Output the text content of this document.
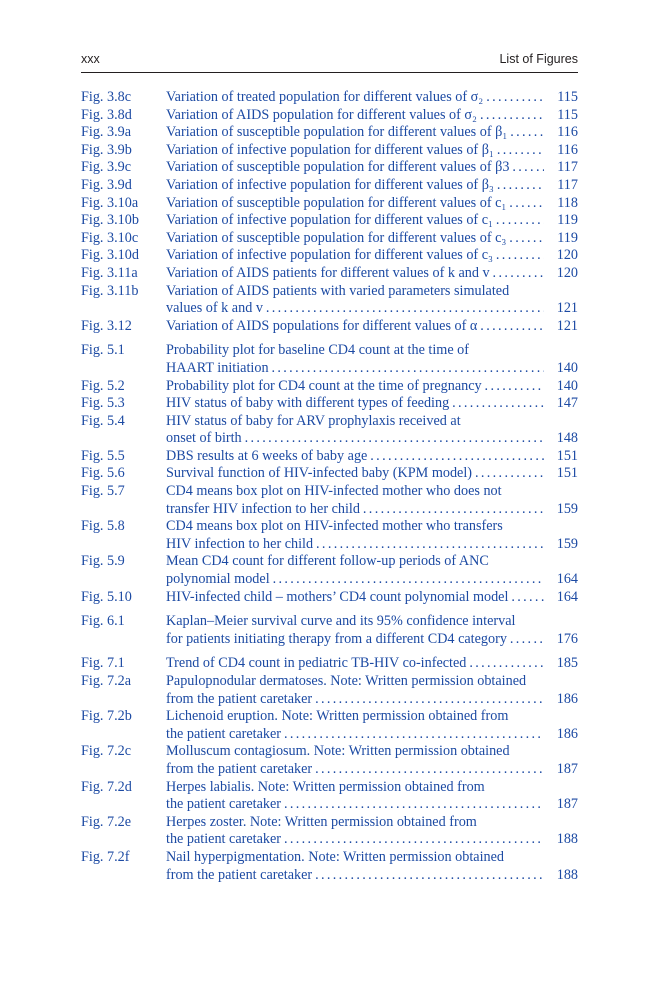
xxx	List of Figures
Fig. 3.8c Variation of treated population for different values of σ₂ . . .	115
Fig. 3.8d Variation of AIDS population for different values of σ₂ . . .	115
Fig. 3.9a Variation of susceptible population for different values of β₁ . . .	116
Fig. 3.9b Variation of infective population for different values of β₁ . . .	116
Fig. 3.9c Variation of susceptible population for different values of β3 . . .	117
Fig. 3.9d Variation of infective population for different values of β₃ . . .	117
Fig. 3.10a Variation of susceptible population for different values of c₁ . . .	118
Fig. 3.10b Variation of infective population for different values of c₁ . . .	119
Fig. 3.10c Variation of susceptible population for different values of c₃ . . .	119
Fig. 3.10d Variation of infective population for different values of c₃ . . .	120
Fig. 3.11a Variation of AIDS patients for different values of k and v . . .	120
Fig. 3.11b Variation of AIDS patients with varied parameters simulated
values of k and v . . .	121
Fig. 3.12 Variation of AIDS populations for different values of α . . .	121
Fig. 5.1	Probability plot for baseline CD4 count at the time of
HAART initiation . . .	140
Fig. 5.2	Probability plot for CD4 count at the time of pregnancy . . .	140
Fig. 5.3	HIV status of baby with different types of feeding . . .	147
Fig. 5.4	HIV status of baby for ARV prophylaxis received at
onset of birth . . .	148
Fig. 5.5	DBS results at 6 weeks of baby age . . .	151
Fig. 5.6	Survival function of HIV-infected baby (KPM model) . . .	151
Fig. 5.7	CD4 means box plot on HIV-infected mother who does not
transfer HIV infection to her child . . .	159
Fig. 5.8	CD4 means box plot on HIV-infected mother who transfers
HIV infection to her child . . .	159
Fig. 5.9	Mean CD4 count for different follow-up periods of ANC
polynomial model . . .	164
Fig. 5.10 HIV-infected child – mothers’ CD4 count polynomial model . . .	164
Fig. 6.1	Kaplan–Meier survival curve and its 95% confidence interval
for patients initiating therapy from a different CD4 category . . .	176
Fig. 7.1	Trend of CD4 count in pediatric TB-HIV co-infected . . .	185
Fig. 7.2a Papulopnodular dermatoses. Note: Written permission obtained
from the patient caretaker . . .	186
Fig. 7.2b Lichenoid eruption. Note: Written permission obtained from
the patient caretaker . . .	186
Fig. 7.2c Molluscum contagiosum. Note: Written permission obtained
from the patient caretaker . . .	187
Fig. 7.2d Herpes labialis. Note: Written permission obtained from
the patient caretaker . . .	187
Fig. 7.2e Herpes zoster. Note: Written permission obtained from
the patient caretaker . . .	188
Fig. 7.2f	Nail hyperpigmentation. Note: Written permission obtained
from the patient caretaker . . .	188
